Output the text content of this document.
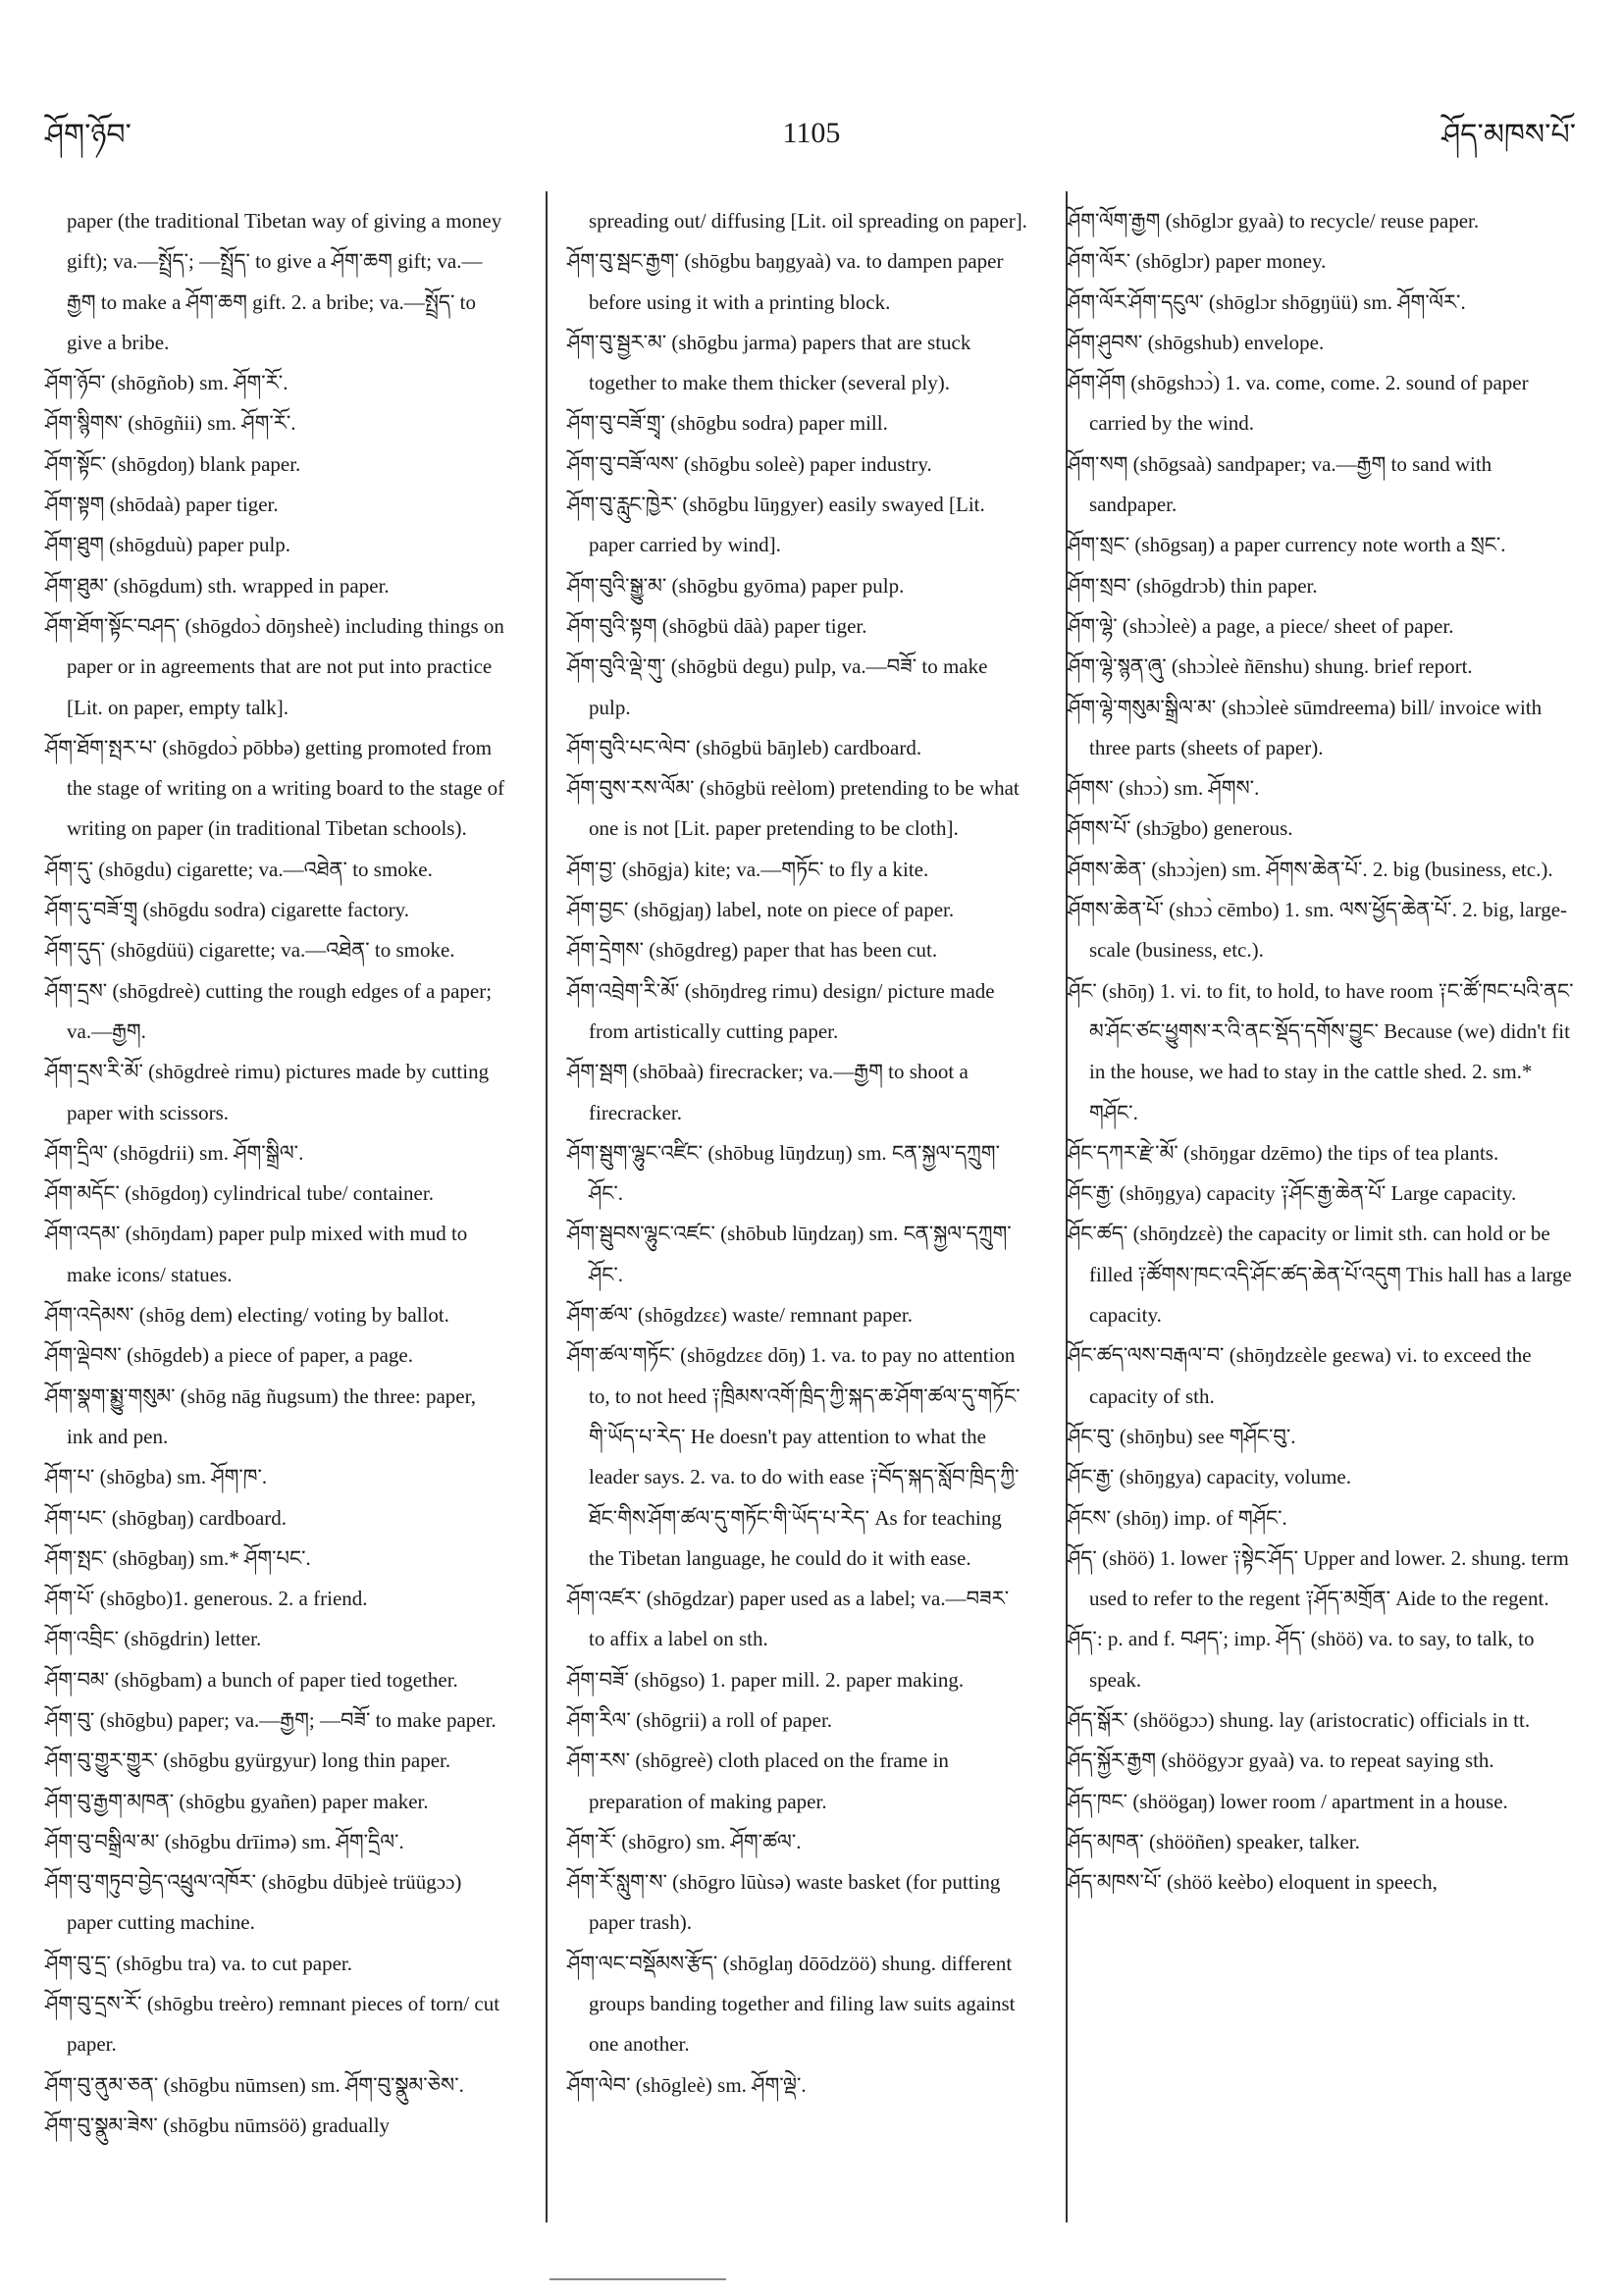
ཤོག་ཉོབ་	1105	ཤོད་མཁས་པོ་
paper (the traditional Tibetan way of giving a money gift); va.—སྤྲོད་; —སྤྲོད་ to give a ཤོག་ཆག gift; va.—རྒྱག to make a ཤོག་ཆག gift. 2. a bribe; va.—སྤྲོད་ to give a bribe.
ཤོག་ཉོབ་ (shōgñob) sm. ཤོག་རོ་.
ཤོག་སྙིགས་ (shōgñii) sm. ཤོག་རོ་.
ཤོག་སྟོང་ (shōgdoŋ) blank paper.
ཤོག་སྟག (shōdaà) paper tiger.
ཤོག་ཐུག (shōgduù) paper pulp.
ཤོག་ཐུམ་ (shōgdum) sth. wrapped in paper.
ཤོག་ཐོག་སྟོང་བཤད་ (shōgdoɔ̀ dōŋsheè) including things on paper or in agreements that are not put into practice [Lit. on paper, empty talk].
ཤོག་ཐོག་སྤར་པ་ (shōgdoɔ̀ pōbbə) getting promoted from the stage of writing on a writing board to the stage of writing on paper (in traditional Tibetan schools).
ཤོག་དུ་ (shōgdu) cigarette; va.—འཐེན་ to smoke.
ཤོག་དུ་བཟོ་གྲྭ (shōgdu sodra) cigarette factory.
ཤོག་དུད་ (shōgdüü) cigarette; va.—འཐེན་ to smoke.
ཤོག་དྲས་ (shōgdreè) cutting the rough edges of a paper; va.—རྒྱག.
ཤོག་དྲས་རི་མོ་ (shōgdreè rimu) pictures made by cutting paper with scissors.
ཤོག་དྲིལ་ (shōgdrii) sm. ཤོག་སྒྲིལ་.
ཤོག་མདོང་ (shōgdoŋ) cylindrical tube/ container.
ཤོག་འདམ་ (shōŋdam) paper pulp mixed with mud to make icons/ statues.
ཤོག་འདེམས་ (shōg dem) electing/ voting by ballot.
ཤོག་ལྡེབས་ (shōgdeb) a piece of paper, a page.
ཤོག་སྣག་སྨྱུ་གསུམ་ (shōg nāg ñugsum) the three: paper, ink and pen.
ཤོག་པ་ (shōgba) sm. ཤོག་ཁ་.
ཤོག་པང་ (shōgbaŋ) cardboard.
ཤོག་སྤང་ (shōgbaŋ) sm.* ཤོག་པང་.
ཤོག་པོ་ (shōgbo)1. generous. 2. a friend.
ཤོག་འབྲིང་ (shōgdrin) letter.
ཤོག་བམ་ (shōgbam) a bunch of paper tied together.
ཤོག་བུ་ (shōgbu) paper; va.—རྒྱག; —བཟོ་ to make paper.
ཤོག་བུ་གྱུར་གྱུར་ (shōgbu gyürgyur) long thin paper.
ཤོག་བུ་རྒྱག་མཁན་ (shōgbu gyañen) paper maker.
ཤོག་བུ་བསྒྲིལ་མ་ (shōgbu drīimə) sm. ཤོག་དྲིལ་.
ཤོག་བུ་གཏུབ་བྱེད་འཕྲུལ་འཁོར་ (shōgbu dūbjeè trüügɔɔ) paper cutting machine.
ཤོག་བུ་དྲ་ (shōgbu tra) va. to cut paper.
ཤོག་བུ་དྲས་རོ་ (shōgbu treèro) remnant pieces of torn/ cut paper.
ཤོག་བུ་ནུམ་ཅན་ (shōgbu nūmsen) sm. ཤོག་བུ་སྣུམ་ཅེས་.
ཤོག་བུ་སྣུམ་ཟེས་ (shōgbu nūmsöö) gradually
spreading out/ diffusing [Lit. oil spreading on paper].
ཤོག་བུ་སྦང་རྒྱག་ (shōgbu baŋgyaà) va. to dampen paper before using it with a printing block.
ཤོག་བུ་སྦྱར་མ་ (shōgbu jarma) papers that are stuck together to make them thicker (several ply).
ཤོག་བུ་བཟོ་གྲྭ་ (shōgbu sodra) paper mill.
ཤོག་བུ་བཟོ་ལས་ (shōgbu soleè) paper industry.
ཤོག་བུ་རླུང་ཁྱེར་ (shōgbu lūŋgyer) easily swayed [Lit. paper carried by wind].
ཤོག་བུའི་སྒྱུ་མ་ (shōgbu gyōma) paper pulp.
ཤོག་བུའི་སྟག (shōgbü dāà) paper tiger.
ཤོག་བུའི་ལྡེ་གུ་ (shōgbü degu) pulp, va.—བཟོ་ to make pulp.
ཤོག་བུའི་པང་ལེབ་ (shōgbü bāŋleb) cardboard.
ཤོག་བུས་རས་ལོམ་ (shōgbü reèlom) pretending to be what one is not [Lit. paper pretending to be cloth].
ཤོག་བྱ་ (shōgja) kite; va.—གཏོང་ to fly a kite.
ཤོག་བྱང་ (shōgjaŋ) label, note on piece of paper.
ཤོག་དྲེགས་ (shōgdreg) paper that has been cut.
ཤོག་འབྲེག་རི་མོ་ (shōŋdreg rimu) design/ picture made from artistically cutting paper.
ཤོག་སྦག (shōbaà) firecracker; va.—རྒྱག to shoot a firecracker.
ཤོག་སྦུག་ལྷུང་འཛིང་ (shōbug lūŋdzuŋ) sm. ངན་སྐྱལ་དཀྲུག་ཤོང་.
ཤོག་སྦུབས་ལྷུང་འཛང་ (shōbub lūŋdzaŋ) sm. ངན་སྐྱལ་དཀྲུག་ཤོང་.
ཤོག་ཚལ་ (shōgdzεε) waste/ remnant paper.
ཤོག་ཚལ་གཏོང་ (shōgdzεε dōŋ) 1. va. to pay no attention to, to not heed ༑ཁྲིམས་འགོ་ཁྲིད་ཀྱི་སྐད་ཆ་ཤོག་ཚལ་དུ་གཏོང་གི་ཡོད་པ་རེད་ He doesn't pay attention to what the leader says. 2. va. to do with ease ༑བོད་སྐད་སློབ་ཁྲིད་ཀྱི་ཐོང་གིས་ཤོག་ཚལ་དུ་གཏོང་གི་ཡོད་པ་རེད་ As for teaching the Tibetan language, he could do it with ease.
ཤོག་འཛར་ (shōgdzar) paper used as a label; va.—བཟར་ to affix a label on sth.
ཤོག་བཟོ་ (shōgso) 1. paper mill. 2. paper making.
ཤོག་རིལ་ (shōgrii) a roll of paper.
ཤོག་རས་ (shōgreè) cloth placed on the frame in preparation of making paper.
ཤོག་རོ་ (shōgro) sm. ཤོག་ཚལ་.
ཤོག་རོ་སླུག་ས་ (shōgro lūùsə) waste basket (for putting paper trash).
ཤོག་ལང་བསྡོམས་རྩོད་ (shōglaŋ dōōdzöö) shung. different groups banding together and filing law suits against one another.
ཤོག་ལེབ་ (shōgleè) sm. ཤོག་ལྡེ་.
ཤོག་ལོག་རྒྱག (shōglɔr gyaà) to recycle/ reuse paper.
ཤོག་ལོར་ (shōglɔr) paper money.
ཤོག་ལོར་ཤོག་དངུལ་ (shōglɔr shōgŋüü) sm. ཤོག་ལོར་.
ཤོག་ཤུབས་ (shōgshub) envelope.
ཤོག་ཤོག (shōgshɔɔ̀) 1. va. come, come. 2. sound of paper carried by the wind.
ཤོག་སག (shōgsaà) sandpaper; va.—རྒྱག to sand with sandpaper.
ཤོག་སྲང་ (shōgsaŋ) a paper currency note worth a སྲང་.
ཤོག་སྲབ་ (shōgdrɔb) thin paper.
ཤོག་ལྷེ་ (shɔɔ̀leè) a page, a piece/ sheet of paper.
ཤོག་ལྷེ་སྙན་ཞུ་ (shɔɔ̀leè ñēnshu) shung. brief report.
ཤོག་ལྷེ་གསུམ་སྒྲིལ་མ་ (shɔɔ̀leè sūmdreema) bill/ invoice with three parts (sheets of paper).
ཤོགས་ (shɔɔ̀) sm. ཤོགས་.
ཤོགས་པོ་ (shɔ̄gbo) generous.
ཤོགས་ཆེན་ (shɔɔ̀jen) sm. ཤོགས་ཆེན་པོ་. 2. big (business, etc.).
ཤོགས་ཆེན་པོ་ (shɔɔ̀ cēmbo) 1. sm. ལས་ཕྱོད་ཆེན་པོ་. 2. big, large-scale (business, etc.).
ཤོང་ (shōŋ) 1. vi. to fit, to hold, to have room ༑ང་ཚོ་ཁང་པའི་ནང་མ་ཤོང་ཙང་ཕྱུགས་ར་འི་ནང་སྡོད་དགོས་བྱུང་ Because (we) didn't fit in the house, we had to stay in the cattle shed. 2. sm.* གཤོང་.
ཤོང་དཀར་རྫེ་མོ་ (shōŋgar dzēmo) the tips of tea plants.
ཤོང་རྒྱ་ (shōŋgya) capacity ༑ཤོང་རྒྱ་ཆེན་པོ་ Large capacity.
ཤོང་ཚད་ (shōŋdzεè) the capacity or limit sth. can hold or be filled ༑ཚོགས་ཁང་འདི་ཤོང་ཚད་ཆེན་པོ་འདུག This hall has a large capacity.
ཤོང་ཚད་ལས་བརྒལ་བ་ (shōŋdzεèle geεwa) vi. to exceed the capacity of sth.
ཤོང་བུ་ (shōŋbu) see གཤོང་བུ་.
ཤོང་རྒྱ་ (shōŋgya) capacity, volume.
ཤོངས་ (shōŋ) imp. of གཤོང་.
ཤོད་ (shöö) 1. lower ༑སྟེང་ཤོད་ Upper and lower. 2. shung. term used to refer to the regent ༑ཤོད་མགྲོན་ Aide to the regent.
ཤོད་: p. and f. བཤད་; imp. ཤོད་ (shöö) va. to say, to talk, to speak.
ཤོད་སྒོར་ (shöögɔɔ) shung. lay (aristocratic) officials in tt.
ཤོད་སྐྱོར་རྒྱག (shöögyɔr gyaà) va. to repeat saying sth.
ཤོད་ཁང་ (shöögaŋ) lower room / apartment in a house.
ཤོད་མཁན་ (shööñen) speaker, talker.
ཤོད་མཁས་པོ་ (shöö keèbo) eloquent in speech,
